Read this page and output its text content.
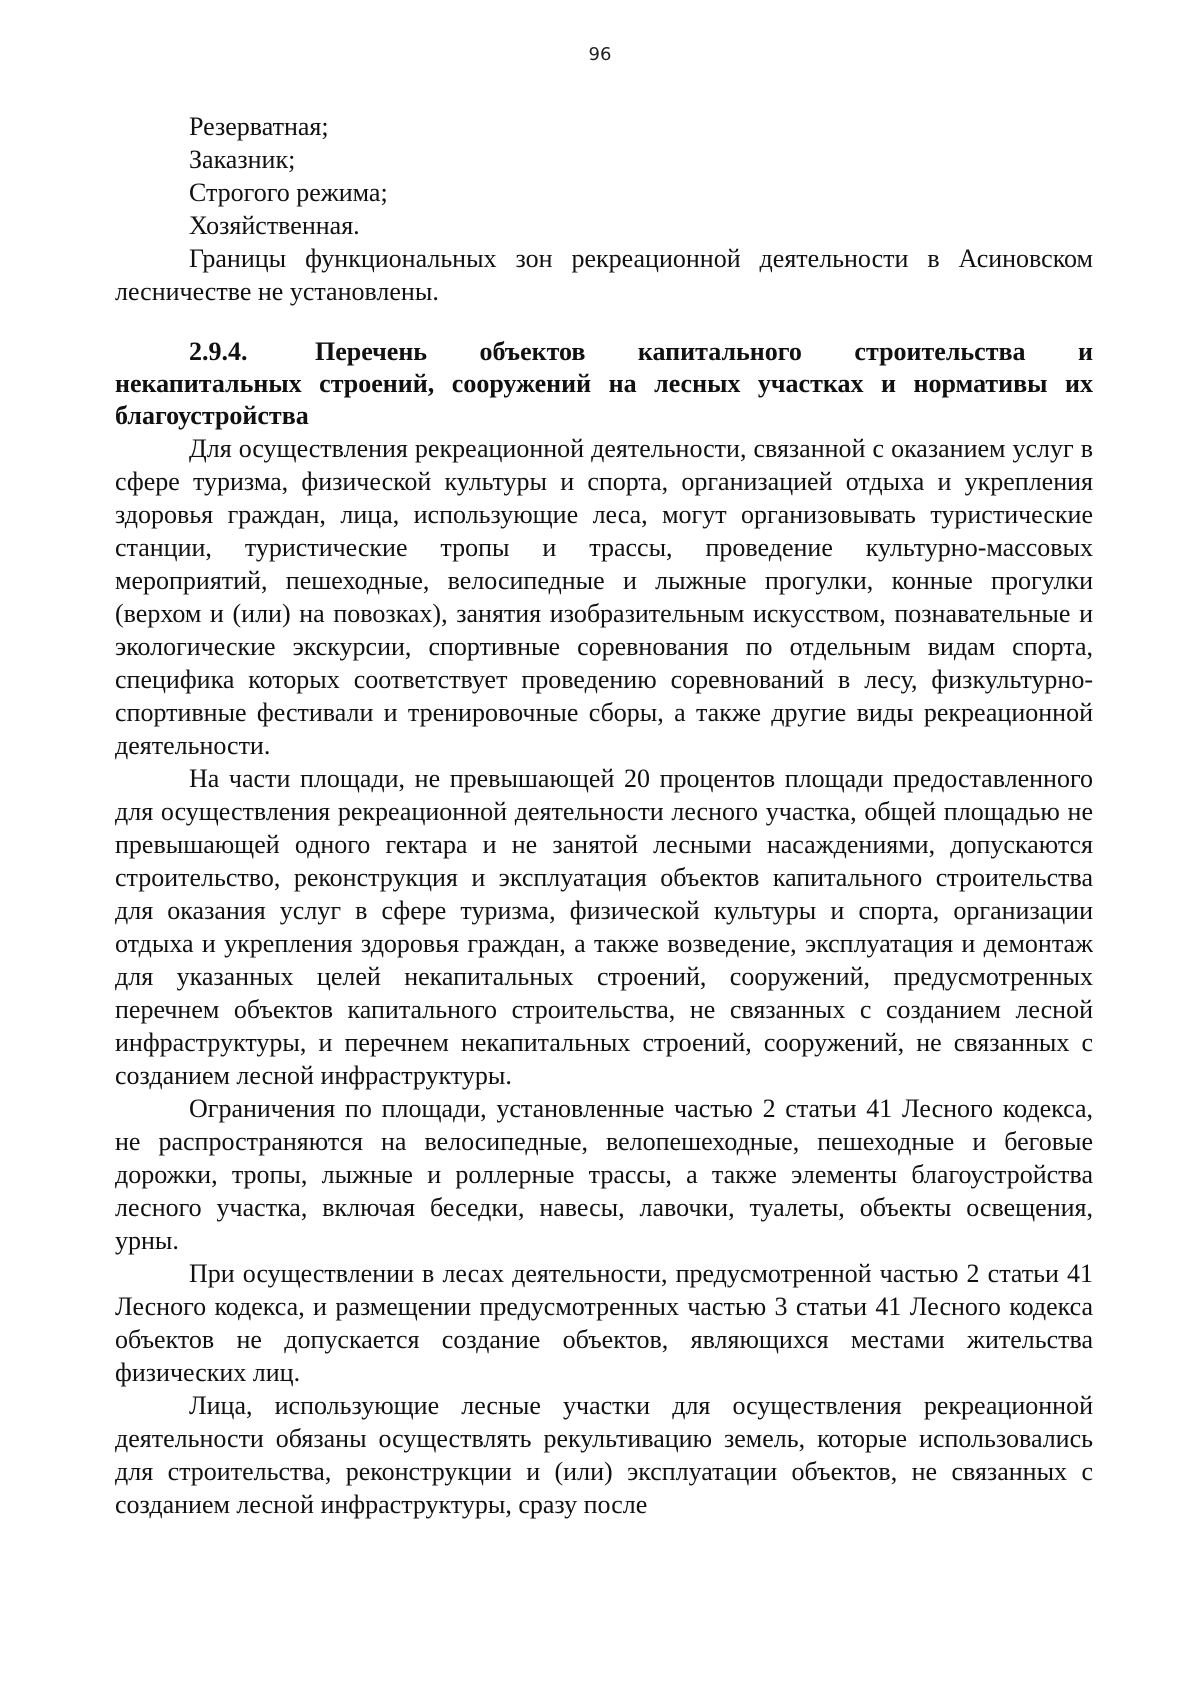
96

Резерватная;

Заказник;

Строгого режима;

Хозяйственная.

Границы функциональных зон рекреационной деятельности в Асиновском лесничестве не установлены.

2.9.4.	Перечень объектов капитального строительства и некапитальных строений, сооружений на лесных участках и нормативы их благоустройства

Для осуществления рекреационной деятельности, связанной с оказанием услуг в сфере туризма, физической культуры и спорта, организацией отдыха и укрепления здоровья граждан, лица, использующие леса, могут организовывать туристические станции, туристические тропы и трассы, проведение культурно-массовых мероприятий, пешеходные, велосипедные и лыжные прогулки, конные прогулки (верхом и (или) на повозках), занятия изобразительным искусством, познавательные и экологические экскурсии, спортивные соревнования по отдельным видам спорта, специфика которых соответствует проведению соревнований в лесу, физкультурно-спортивные фестивали и тренировочные сборы, а также другие виды рекреационной деятельности.

На части площади, не превышающей 20 процентов площади предоставленного для осуществления рекреационной деятельности лесного участка, общей площадью не превышающей одного гектара и не занятой лесными насаждениями, допускаются строительство, реконструкция и эксплуатация объектов капитального строительства для оказания услуг в сфере туризма, физической культуры и спорта, организации отдыха и укрепления здоровья граждан, а также возведение, эксплуатация и демонтаж для указанных целей некапитальных строений, сооружений, предусмотренных перечнем объектов капитального строительства, не связанных с созданием лесной инфраструктуры, и перечнем некапитальных строений, сооружений, не связанных с созданием лесной инфраструктуры.

Ограничения по площади, установленные частью 2 статьи 41 Лесного кодекса, не распространяются на велосипедные, велопешеходные, пешеходные и беговые дорожки, тропы, лыжные и роллерные трассы, а также элементы благоустройства лесного участка, включая беседки, навесы, лавочки, туалеты, объекты освещения, урны.

При осуществлении в лесах деятельности, предусмотренной частью 2 статьи 41 Лесного кодекса, и размещении предусмотренных частью 3 статьи 41 Лесного кодекса объектов не допускается создание объектов, являющихся местами жительства физических лиц.

Лица, использующие лесные участки для осуществления рекреационной деятельности обязаны осуществлять рекультивацию земель, которые использовались для строительства, реконструкции и (или) эксплуатации объектов, не связанных с созданием лесной инфраструктуры, сразу после
